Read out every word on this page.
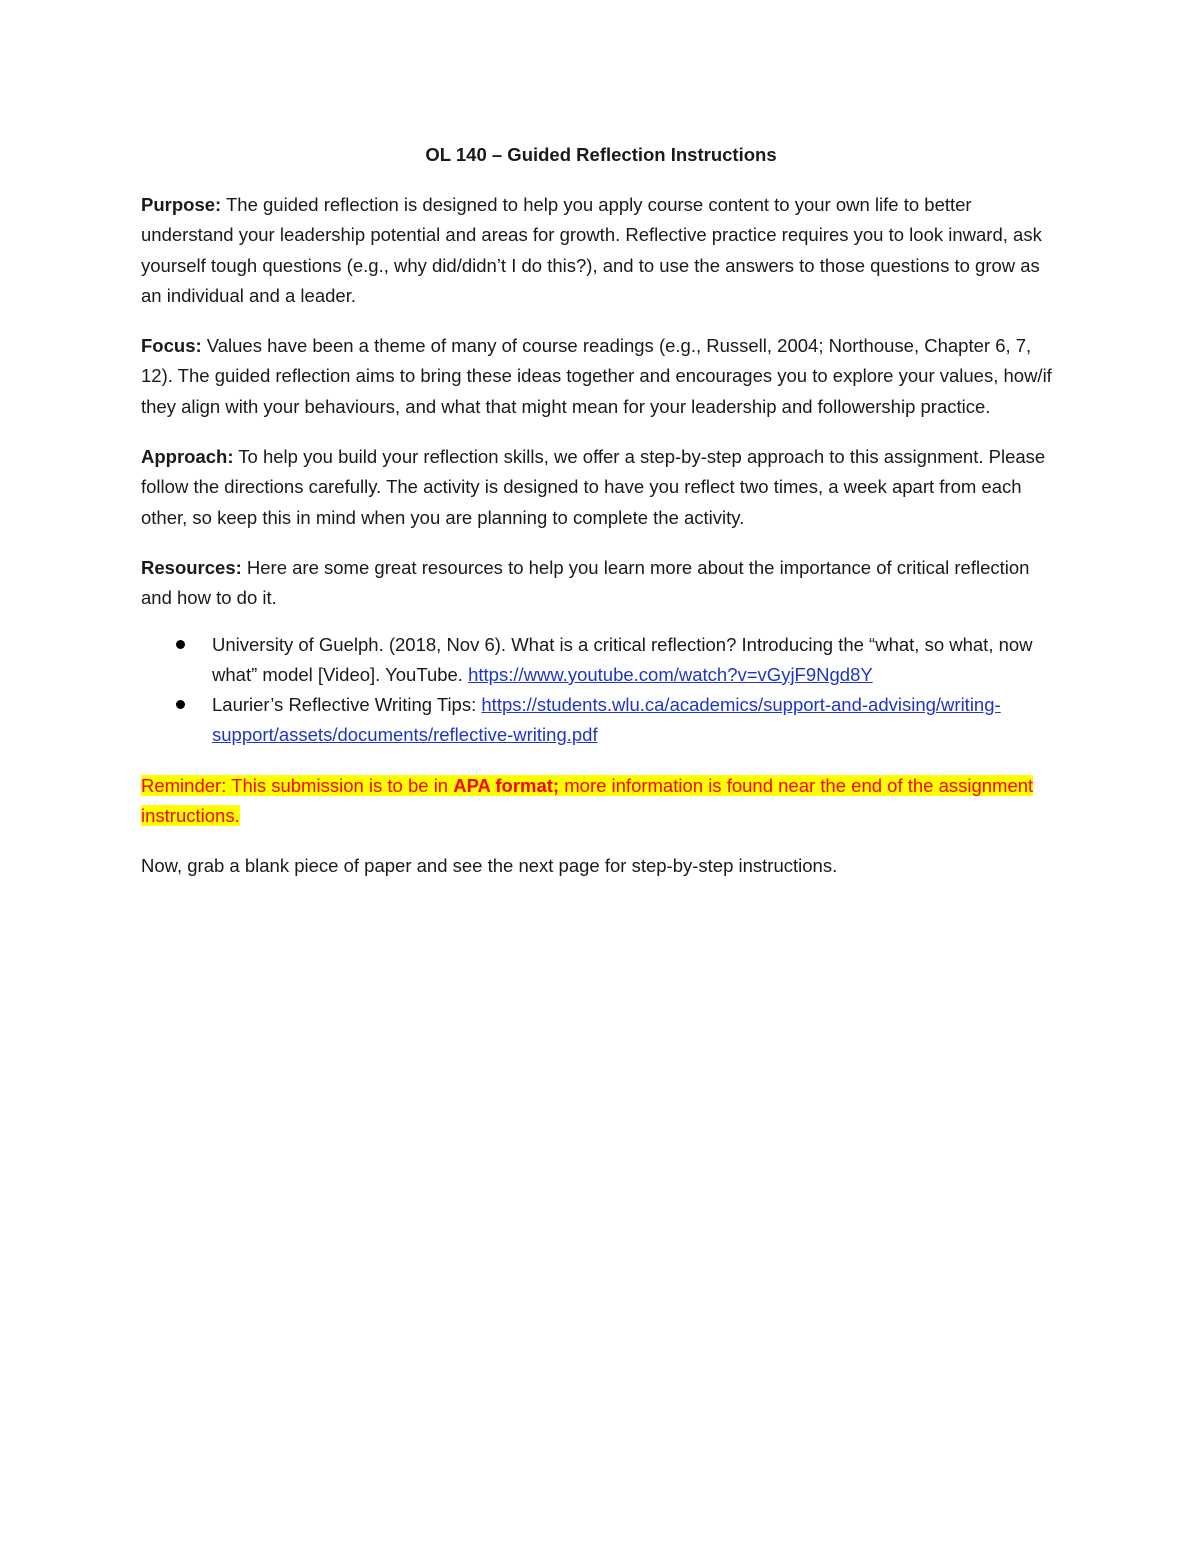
OL 140 – Guided Reflection Instructions

Purpose: The guided reflection is designed to help you apply course content to your own life to better understand your leadership potential and areas for growth. Reflective practice requires you to look inward, ask yourself tough questions (e.g., why did/didn’t I do this?), and to use the answers to those questions to grow as an individual and a leader.

Focus: Values have been a theme of many of course readings (e.g., Russell, 2004; Northouse, Chapter 6, 7, 12). The guided reflection aims to bring these ideas together and encourages you to explore your values, how/if they align with your behaviours, and what that might mean for your leadership and followership practice.

Approach: To help you build your reflection skills, we offer a step-by-step approach to this assignment. Please follow the directions carefully. The activity is designed to have you reflect two times, a week apart from each other, so keep this in mind when you are planning to complete the activity.

Resources: Here are some great resources to help you learn more about the importance of critical reflection and how to do it.

University of Guelph. (2018, Nov 6). What is a critical reflection? Introducing the “what, so what, now what” model [Video]. YouTube. https://www.youtube.com/watch?v=vGyjF9Ngd8Y
Laurier’s Reflective Writing Tips: https://students.wlu.ca/academics/support-and-advising/writing-support/assets/documents/reflective-writing.pdf

Reminder: This submission is to be in APA format; more information is found near the end of the assignment instructions.

Now, grab a blank piece of paper and see the next page for step-by-step instructions.
